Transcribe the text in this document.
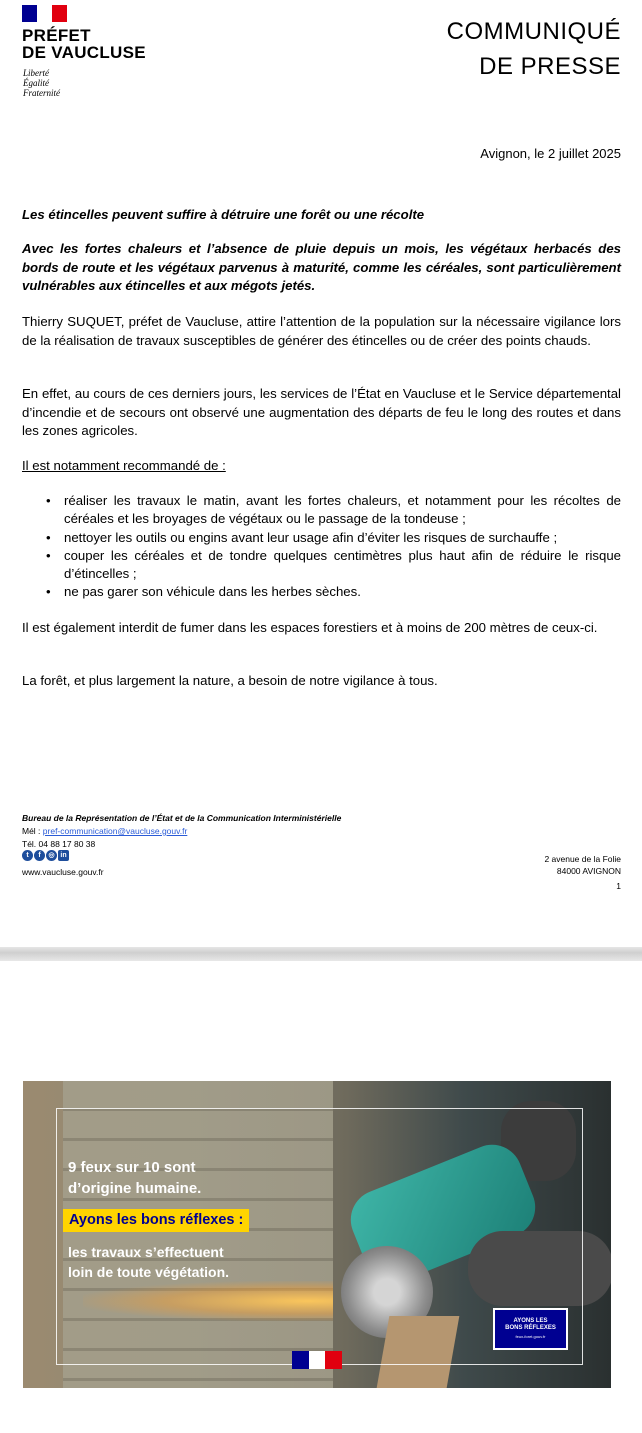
PRÉFET
DE VAUCLUSE
Liberté
Égalité
Fraternité
COMMUNIQUÉ
DE PRESSE
Avignon, le 2 juillet 2025
Les étincelles peuvent suffire à détruire une forêt ou une récolte
Avec les fortes chaleurs et l’absence de pluie depuis un mois, les végétaux herbacés des bords de route et les végétaux parvenus à maturité, comme les céréales, sont particulièrement vulnérables aux étincelles et aux mégots jetés.
Thierry SUQUET, préfet de Vaucluse, attire l’attention de la population sur la nécessaire vigilance lors de la réalisation de travaux susceptibles de générer des étincelles ou de créer des points chauds.
En effet, au cours de ces derniers jours, les services de l’État en Vaucluse et le Service départemental d’incendie et de secours ont observé une augmentation des départs de feu le long des routes et dans les zones agricoles.
Il est notamment recommandé de :
• réaliser les travaux le matin, avant les fortes chaleurs, et notamment pour les récoltes de céréales et les broyages de végétaux ou le passage de la tondeuse ;
• nettoyer les outils ou engins avant leur usage afin d’éviter les risques de surchauffe ;
• couper les céréales et de tondre quelques centimètres plus haut afin de réduire le risque d’étincelles ;
• ne pas garer son véhicule dans les herbes sèches.
Il est également interdit de fumer dans les espaces forestiers et à moins de 200 mètres de ceux-ci.
La forêt, et plus largement la nature, a besoin de notre vigilance à tous.
Bureau de la Représentation de l’État et de la Communication Interministérielle
Mél : pref-communication@vaucluse.gouv.fr
Tél. 04 88 17 80 38
t	f	◎ in
www.vaucluse.gouv.fr
2 avenue de la Folie
84000 AVIGNON
1
9 feux sur 10 sont
d’origine humaine.
Ayons les bons réflexes :
les travaux s’effectuent
loin de toute végétation.
AYONS LES
BONS RÉFLEXES
feux-foret.gouv.fr
